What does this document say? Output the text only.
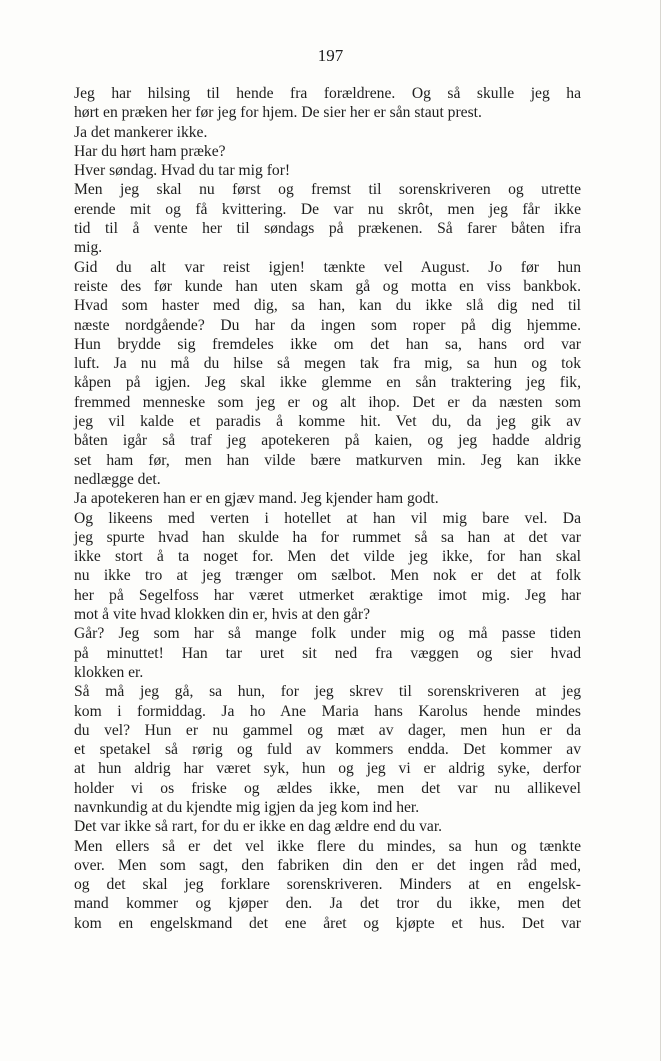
197
Jeg har hilsing til hende fra forældrene. Og så skulle jeg ha
hørt en præken her før jeg for hjem. De sier her er sån staut prest.
Ja det mankerer ikke.
Har du hørt ham præke?
Hver søndag. Hvad du tar mig for!
Men jeg skal nu først og fremst til sorenskriveren og utrette
erende mit og få kvittering. De var nu skrôt, men jeg får ikke
tid til å vente her til søndags på prækenen. Så farer båten ifra
mig.
Gid du alt var reist igjen! tænkte vel August. Jo før hun
reiste des før kunde han uten skam gå og motta en viss bankbok.
Hvad som haster med dig, sa han, kan du ikke slå dig ned til
næste nordgående? Du har da ingen som roper på dig hjemme.
Hun brydde sig fremdeles ikke om det han sa, hans ord var
luft. Ja nu må du hilse så megen tak fra mig, sa hun og tok
kåpen på igjen. Jeg skal ikke glemme en sån traktering jeg fik,
fremmed menneske som jeg er og alt ihop. Det er da næsten som
jeg vil kalde et paradis å komme hit. Vet du, da jeg gik av
båten igår så traf jeg apotekeren på kaien, og jeg hadde aldrig
set ham før, men han vilde bære matkurven min. Jeg kan ikke
nedlægge det.
Ja apotekeren han er en gjæv mand. Jeg kjender ham godt.
Og likeens med verten i hotellet at han vil mig bare vel. Da
jeg spurte hvad han skulde ha for rummet så sa han at det var
ikke stort å ta noget for. Men det vilde jeg ikke, for han skal
nu ikke tro at jeg trænger om sælbot. Men nok er det at folk
her på Segelfoss har været utmerket æraktige imot mig. Jeg har
mot å vite hvad klokken din er, hvis at den går?
Går? Jeg som har så mange folk under mig og må passe tiden
på minuttet! Han tar uret sit ned fra væggen og sier hvad
klokken er.
Så må jeg gå, sa hun, for jeg skrev til sorenskriveren at jeg
kom i formiddag. Ja ho Ane Maria hans Karolus hende mindes
du vel? Hun er nu gammel og mæt av dager, men hun er da
et spetakel så rørig og fuld av kommers endda. Det kommer av
at hun aldrig har været syk, hun og jeg vi er aldrig syke, derfor
holder vi os friske og ældes ikke, men det var nu allikevel
navnkundig at du kjendte mig igjen da jeg kom ind her.
Det var ikke så rart, for du er ikke en dag ældre end du var.
Men ellers så er det vel ikke flere du mindes, sa hun og tænkte
over. Men som sagt, den fabriken din den er det ingen råd med,
og det skal jeg forklare sorenskriveren. Minders at en engelsk-
mand kommer og kjøper den. Ja det tror du ikke, men det
kom en engelskmand det ene året og kjøpte et hus. Det var
